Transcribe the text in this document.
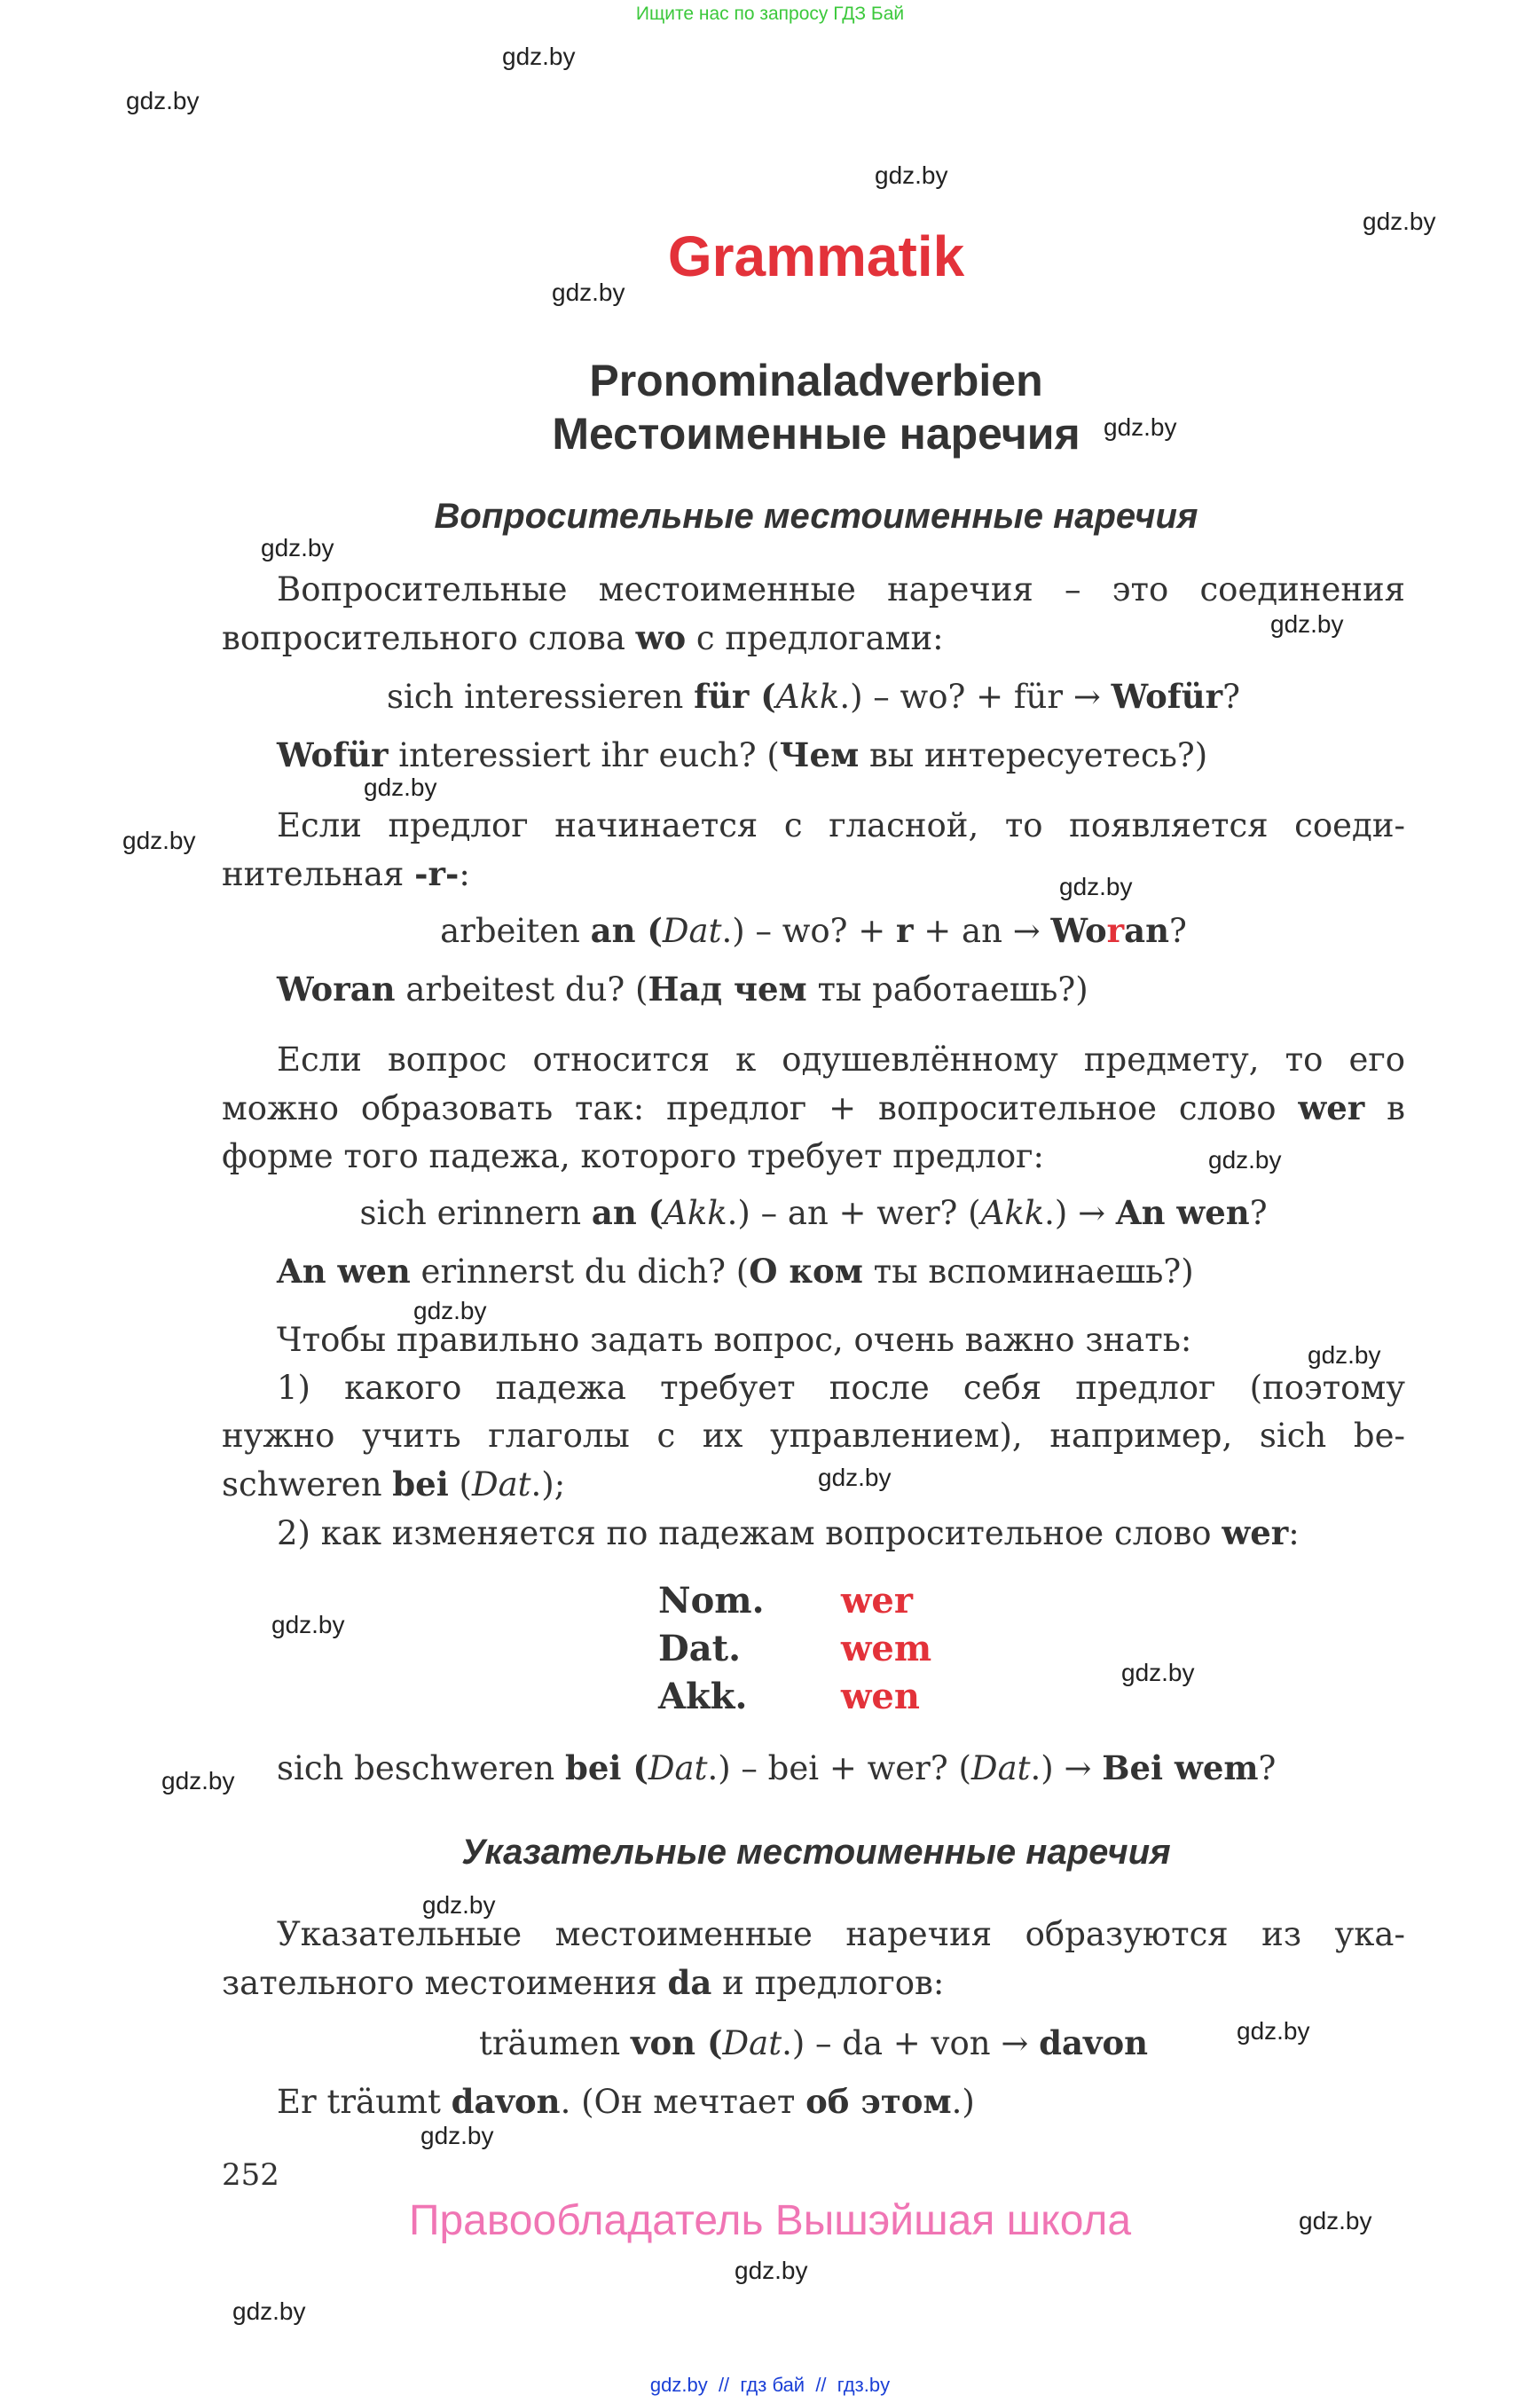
Ищите нас по запросу ГДЗ Бай
gdz.by
gdz.by
gdz.by
gdz.by
gdz.by
gdz.by
gdz.by
gdz.by
gdz.by
gdz.by
gdz.by
gdz.by
gdz.by
gdz.by
gdz.by
gdz.by
gdz.by
gdz.by
gdz.by
gdz.by
gdz.by
gdz.by
gdz.by
gdz.by
Grammatik
Pronominaladverbien
Местоименные наречия
Вопросительные местоименные наречия
Вопросительные местоименные наречия – это соединения
вопросительного слова wo с предлогами:
sich interessieren für (Akk.) – wo? + für → Wofür?
Wofür interessiert ihr euch? (Чем вы интересуетесь?)
Если предлог начинается с гласной, то появляется соеди-
нительная -r-:
arbeiten an (Dat.) – wo? + r + an → Woran?
Woran arbeitest du? (Над чем ты работаешь?)
Если вопрос относится к одушевлённому предмету, то его
можно образовать так: предлог + вопросительное слово wer в
форме того падежа, которого требует предлог:
sich erinnern an (Akk.) – an + wer? (Akk.) → An wen?
An wen erinnerst du dich? (О ком ты вспоминаешь?)
Чтобы правильно задать вопрос, очень важно знать:
1) какого падежа требует после себя предлог (поэтому
нужно учить глаголы с их управлением), например, sich be-
schweren bei (Dat.);
2) как изменяется по падежам вопросительное слово wer:
Nom. wer
Dat.	wem
Akk.	wen
sich beschweren bei (Dat.) – bei + wer? (Dat.) → Bei wem?
Указательные местоименные наречия
Указательные местоименные наречия образуются из ука-
зательного местоимения da и предлогов:
träumen von (Dat.) – da + von → davon
Er träumt davon. (Он мечтает об этом.)
252
Правообладатель Вышэйшая школа
gdz.by  //  гдз бай  //  гдз.by
